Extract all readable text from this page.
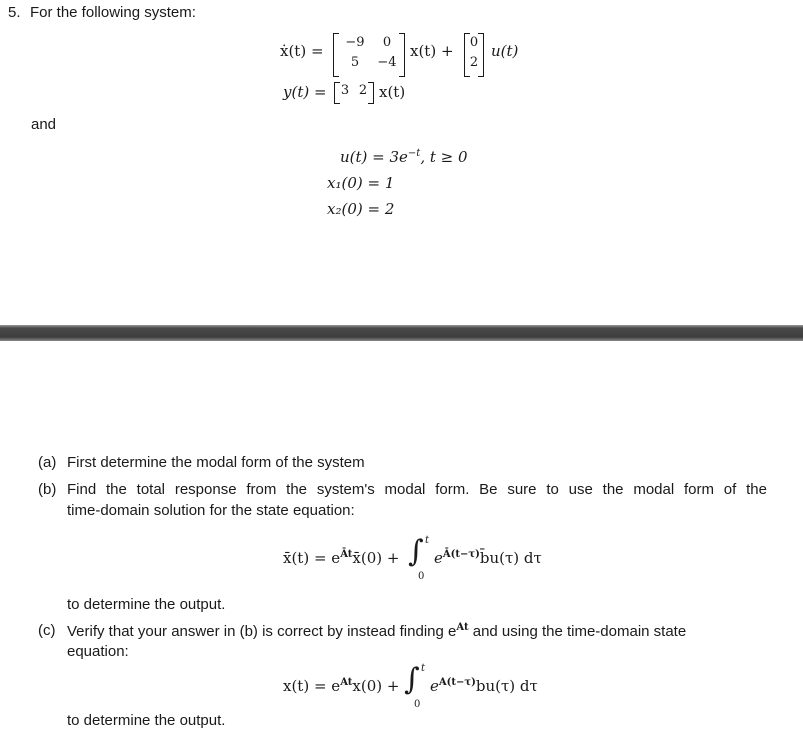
5. For the following system:
ẋ(t) =	−9	0
5	−4
x(t) + 0
2
u(t)
y(t) = 3 2 x(t)
and
$u(t) = 3e^{-t}$, t ≥ 0
x₁(0) = 1
x₂(0) = 2
(a) First determine the modal form of the system
(b) Find the total response from the system's modal form. Be sure to use the modal form of the
time-domain solution for the state equation:
x̄(t) = $e^{Āt}x̄(0)$ + ∫ t
0
$e^{Ā(t-\tau)}b̄u(\tau)$ dτ
to determine the output.
(c) Verify that your answer in (b) is correct by instead finding $e^{At}$ and using the time-domain state
equation:
$x(t) = e^{At}x(0)$ + ∫ t
0
$e^{A(t-\tau)}bu(\tau)$ dτ
to determine the output.
